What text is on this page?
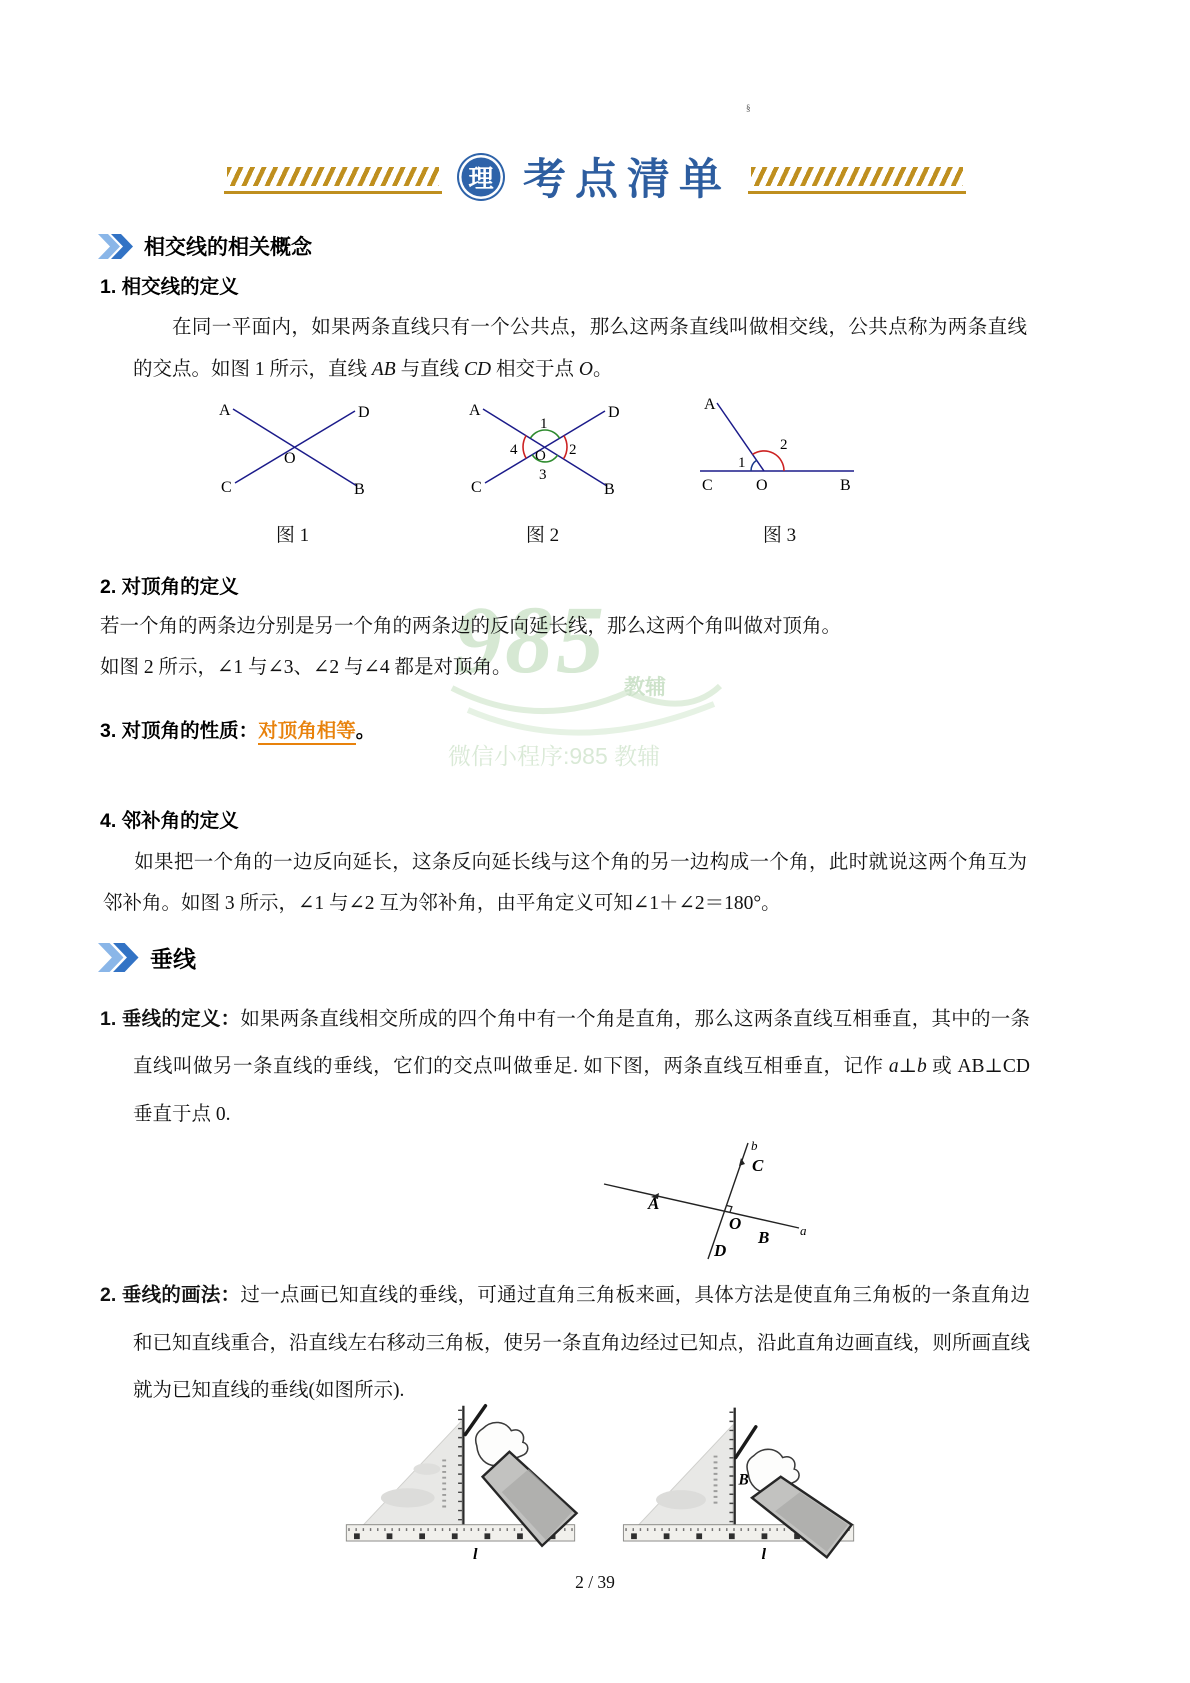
§
985 教辅
微信小程序:985 教辅
理 考点清单
相交线的相关概念
1. 相交线的定义

在同一平面内，如果两条直线只有一个公共点，那么这两条直线叫做相交线，公共点称为两条直线的交点。如图 1 所示，直线 AB 与直线 CD 相交于点 O。

A	D
O
C	B
图 1
1
2
3
4
A	D
O
C	B
图 2
A
1
2
C	O	B
图 3
2. 对顶角的定义

若一个角的两条边分别是另一个角的两条边的反向延长线，那么这两个角叫做对顶角。

如图 2 所示，∠1 与∠3、∠2 与∠4 都是对顶角。

3. 对顶角的性质：对顶角相等。
4. 邻补角的定义

如果把一个角的一边反向延长，这条反向延长线与这个角的另一边构成一个角，此时就说这两个角互为邻补角。如图 3 所示，∠1 与∠2 互为邻补角，由平角定义可知∠1＋∠2＝180°。

垂线

1. 垂线的定义：如果两条直线相交所成的四个角中有一个角是直角，那么这两条直线互相垂直，其中的一条直线叫做另一条直线的垂线，它们的交点叫做垂足. 如下图，两条直线互相垂直，记作 a⊥b 或 AB⊥CD 垂直于点 0.

b
C
A
O
B
D
a

2. 垂线的画法：过一点画已知直线的垂线，可通过直角三角板来画，具体方法是使直角三角板的一条直角边和已知直线重合，沿直线左右移动三角板，使另一条直角边经过已知点，沿此直角边画直线，则所画直线就为已知直线的垂线(如图所示).

l
B
l
2 / 39
